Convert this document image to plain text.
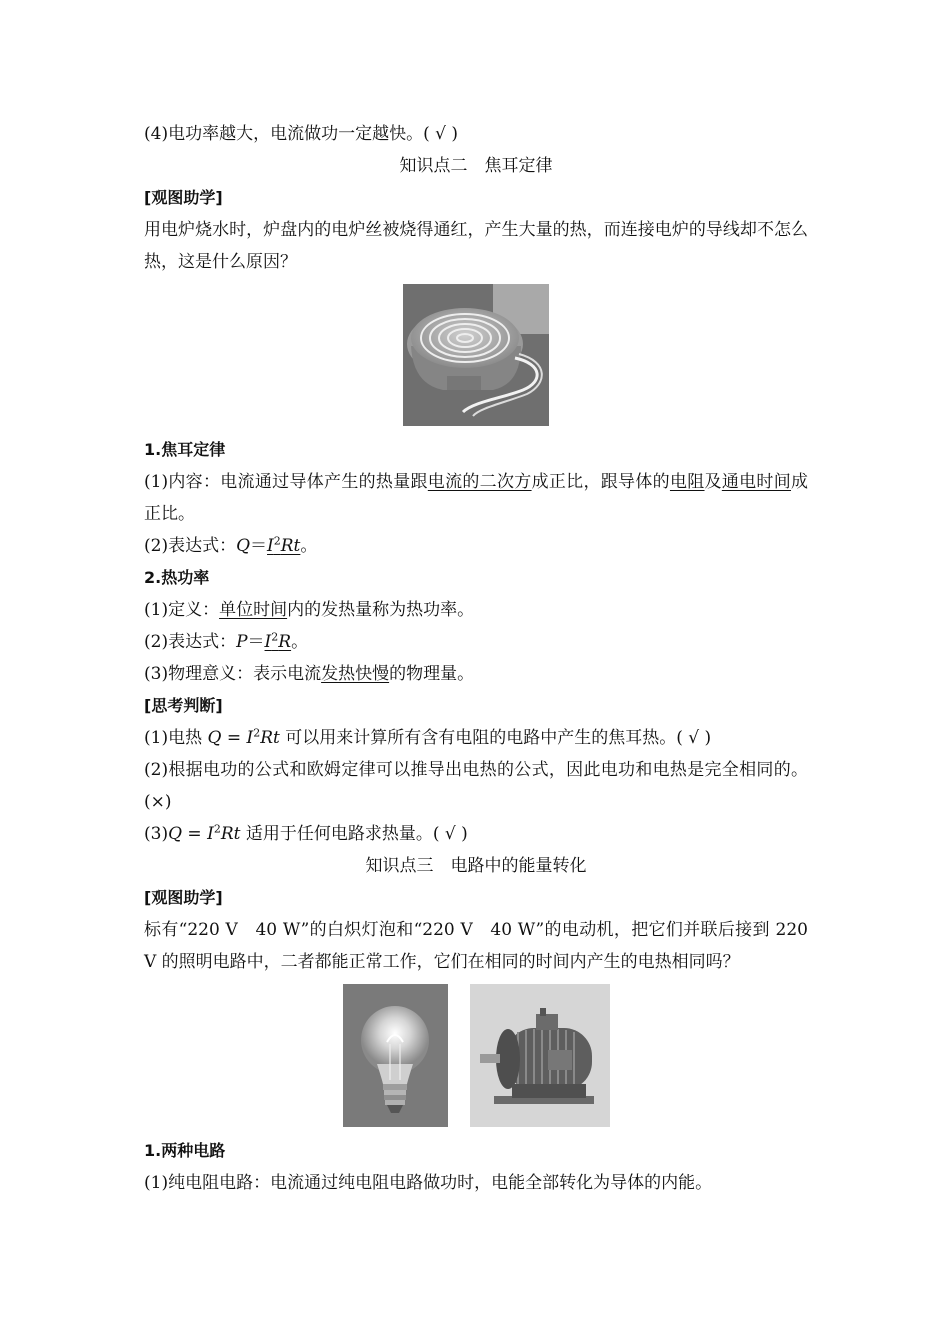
(4)电功率越大，电流做功一定越快。( √ )
知识点二　焦耳定律
[观图助学]
用电炉烧水时，炉盘内的电炉丝被烧得通红，产生大量的热，而连接电炉的导线却不怎么热，这是什么原因？
1.焦耳定律
(1)内容：电流通过导体产生的热量跟电流的二次方成正比，跟导体的电阻及通电时间成正比。
(2)表达式：$Q=I^2Rt$。
2.热功率
(1)定义：单位时间内的发热量称为热功率。
(2)表达式：$P=I^2R$。
(3)物理意义：表示电流发热快慢的物理量。
[思考判断]
(1)电热 $Q = I^2Rt$ 可以用来计算所有含有电阻的电路中产生的焦耳热。( √ )
(2)根据电功的公式和欧姆定律可以推导出电热的公式，因此电功和电热是完全相同的。(×)
$(3)Q = I^2Rt$ 适用于任何电路求热量。( √ )
知识点三　电路中的能量转化
[观图助学]
标有“220 V　40 W”的白炽灯泡和“220 V　40 W”的电动机，把它们并联后接到 220 V 的照明电路中，二者都能正常工作，它们在相同的时间内产生的电热相同吗？
1.两种电路
(1)纯电阻电路：电流通过纯电阻电路做功时，电能全部转化为导体的内能。
